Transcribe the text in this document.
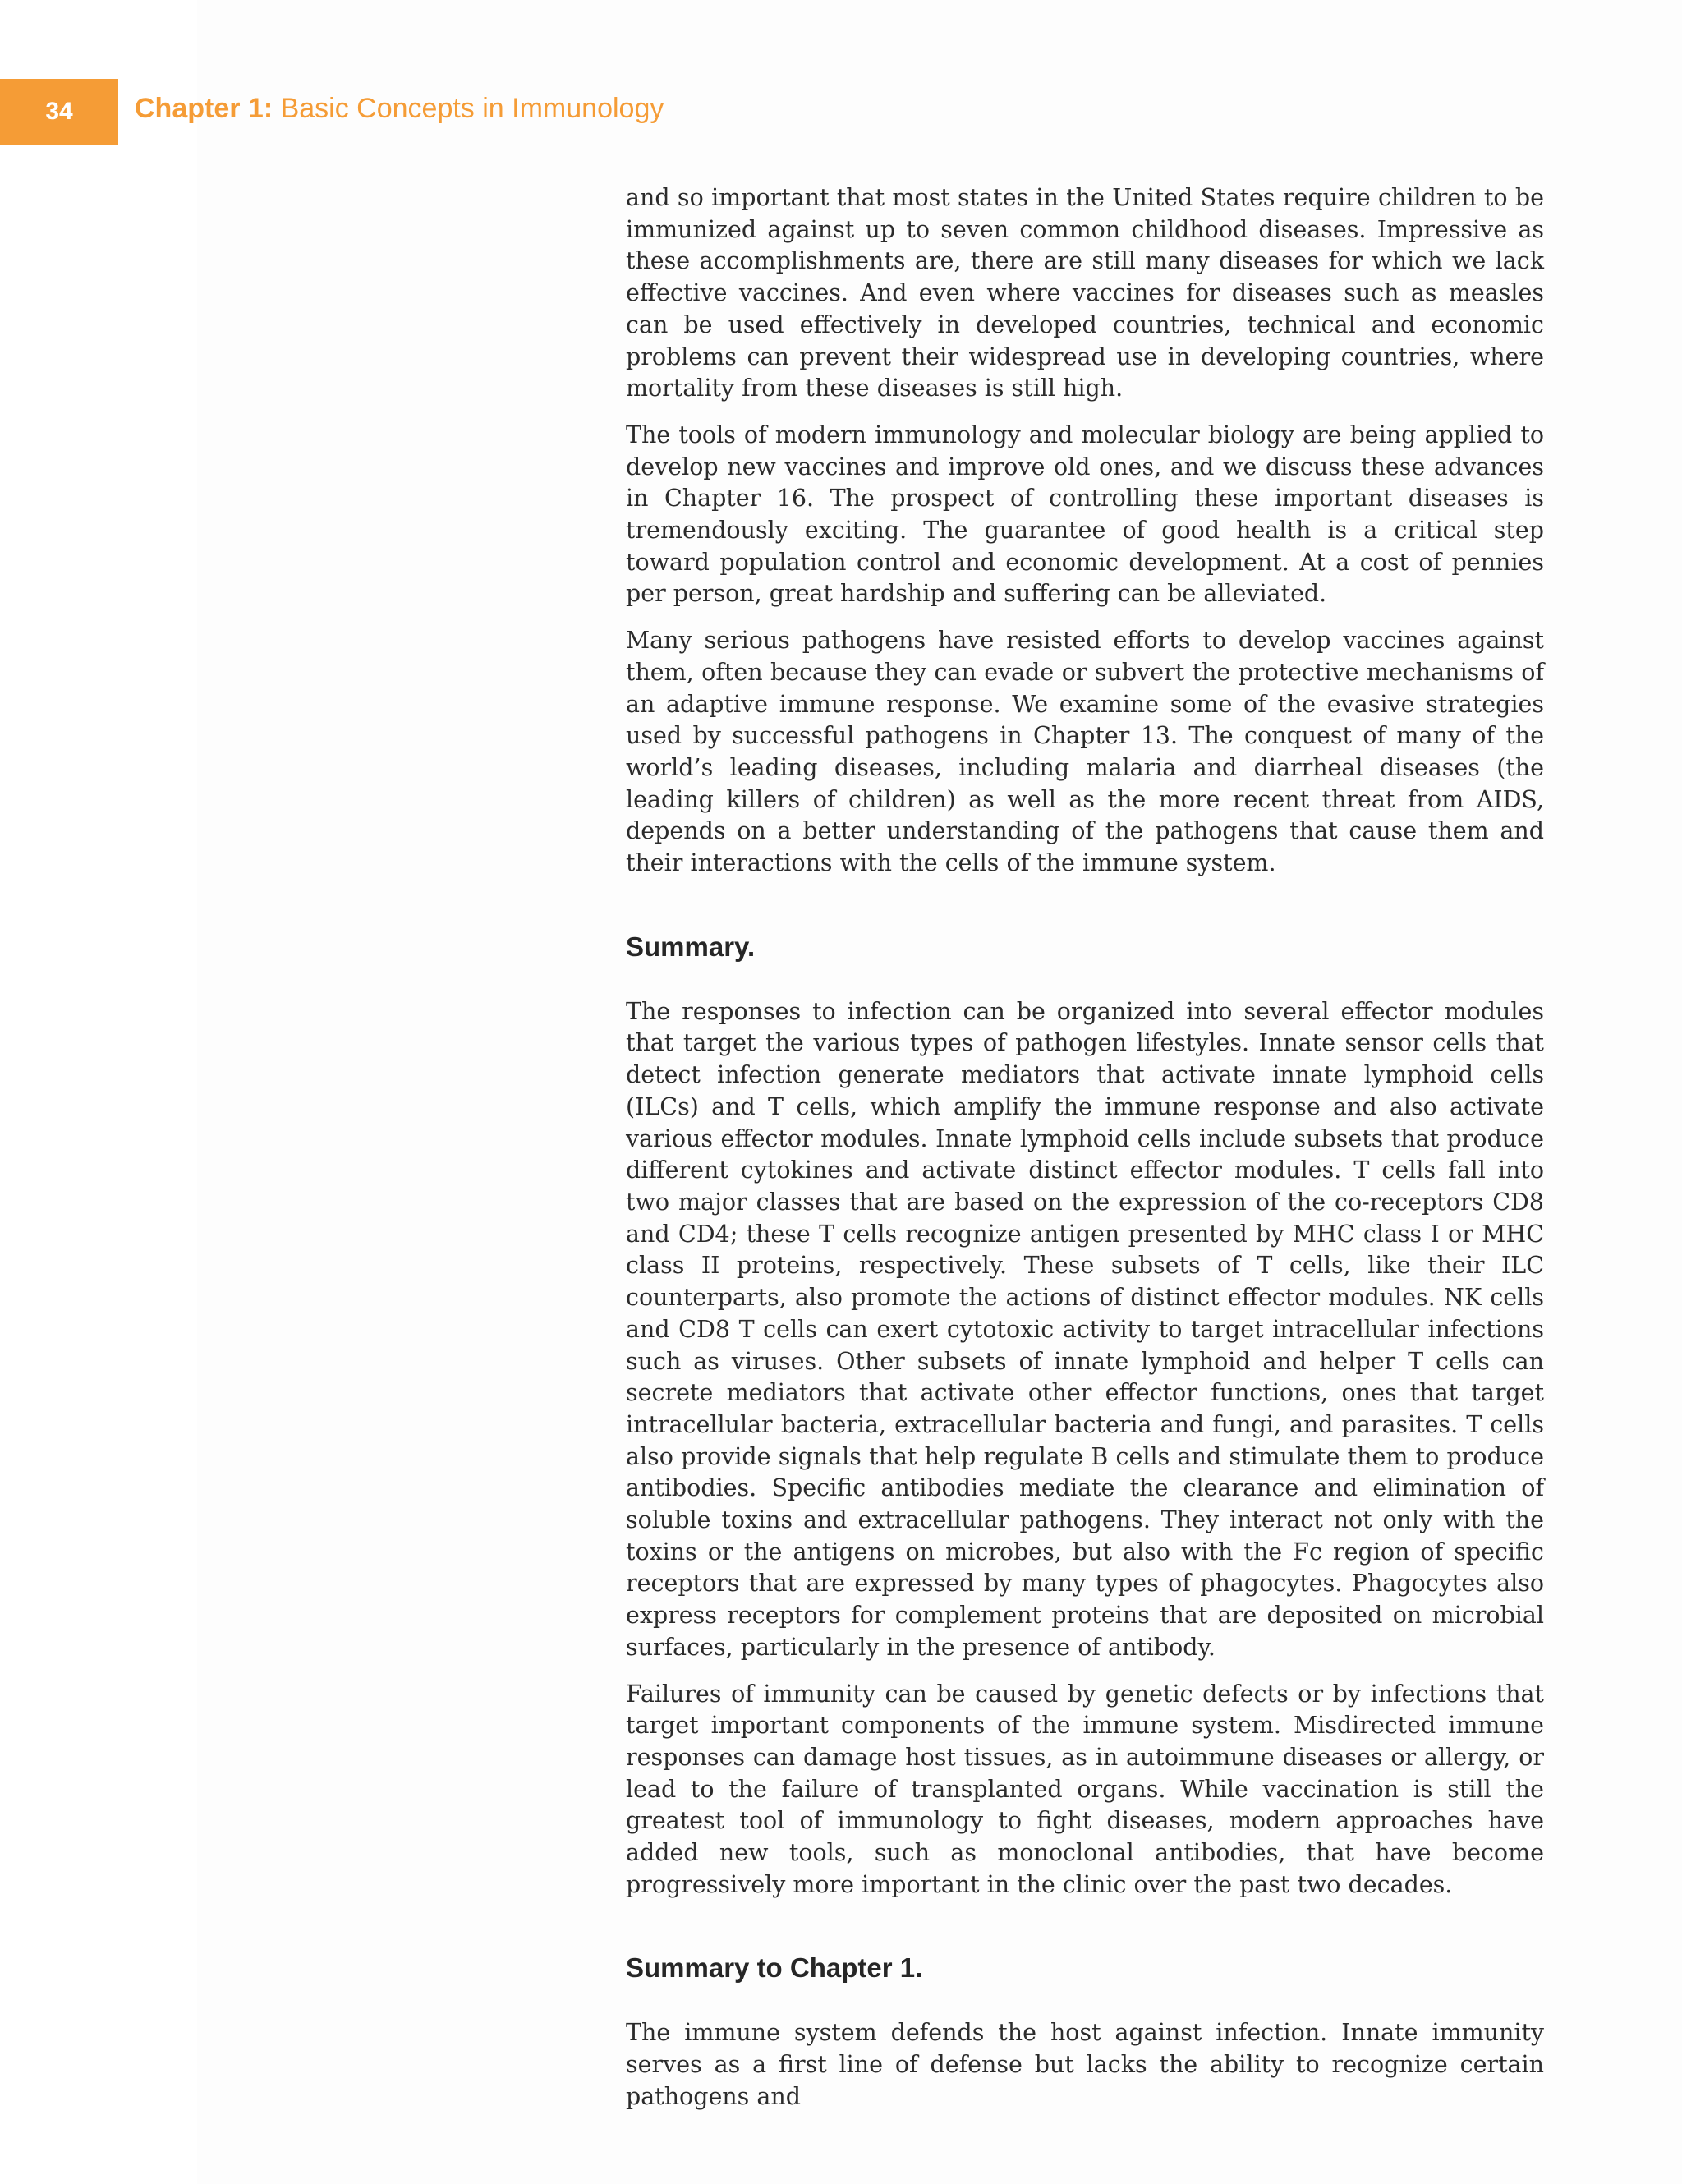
34 Chapter 1: Basic Concepts in Immunology

and so important that most states in the United States require children to be immunized against up to seven common childhood diseases. Impressive as these accomplishments are, there are still many diseases for which we lack effective vaccines. And even where vaccines for diseases such as measles can be used effectively in developed countries, technical and economic problems can prevent their widespread use in developing countries, where mortality from these diseases is still high.

The tools of modern immunology and molecular biology are being applied to develop new vaccines and improve old ones, and we discuss these advances in Chapter 16. The prospect of controlling these important diseases is tremendously exciting. The guarantee of good health is a critical step toward population control and economic development. At a cost of pennies per person, great hardship and suffering can be alleviated.

Many serious pathogens have resisted efforts to develop vaccines against them, often because they can evade or subvert the protective mechanisms of an adaptive immune response. We examine some of the evasive strategies used by successful pathogens in Chapter 13. The conquest of many of the world’s leading diseases, including malaria and diarrheal diseases (the leading killers of children) as well as the more recent threat from AIDS, depends on a better understanding of the pathogens that cause them and their interactions with the cells of the immune system.

Summary.

The responses to infection can be organized into several effector modules that target the various types of pathogen lifestyles. Innate sensor cells that detect infection generate mediators that activate innate lymphoid cells (ILCs) and T cells, which amplify the immune response and also activate various effector modules. Innate lymphoid cells include subsets that produce different cytokines and activate distinct effector modules. T cells fall into two major classes that are based on the expression of the co-receptors CD8 and CD4; these T cells recognize antigen presented by MHC class I or MHC class II proteins, respectively. These subsets of T cells, like their ILC counterparts, also promote the actions of distinct effector modules. NK cells and CD8 T cells can exert cytotoxic activity to target intracellular infections such as viruses. Other subsets of innate lymphoid and helper T cells can secrete mediators that activate other effector functions, ones that target intracellular bacteria, extracellular bacteria and fungi, and parasites. T cells also provide signals that help regulate B cells and stimulate them to produce antibodies. Specific antibodies mediate the clearance and elimination of soluble toxins and extracellular pathogens. They interact not only with the toxins or the antigens on microbes, but also with the Fc region of specific receptors that are expressed by many types of phagocytes. Phagocytes also express receptors for complement proteins that are deposited on microbial surfaces, particularly in the presence of antibody.

Failures of immunity can be caused by genetic defects or by infections that target important components of the immune system. Misdirected immune responses can damage host tissues, as in autoimmune diseases or allergy, or lead to the failure of transplanted organs. While vaccination is still the greatest tool of immunology to fight diseases, modern approaches have added new tools, such as monoclonal antibodies, that have become progressively more important in the clinic over the past two decades.

Summary to Chapter 1.

The immune system defends the host against infection. Innate immunity serves as a first line of defense but lacks the ability to recognize certain pathogens and
